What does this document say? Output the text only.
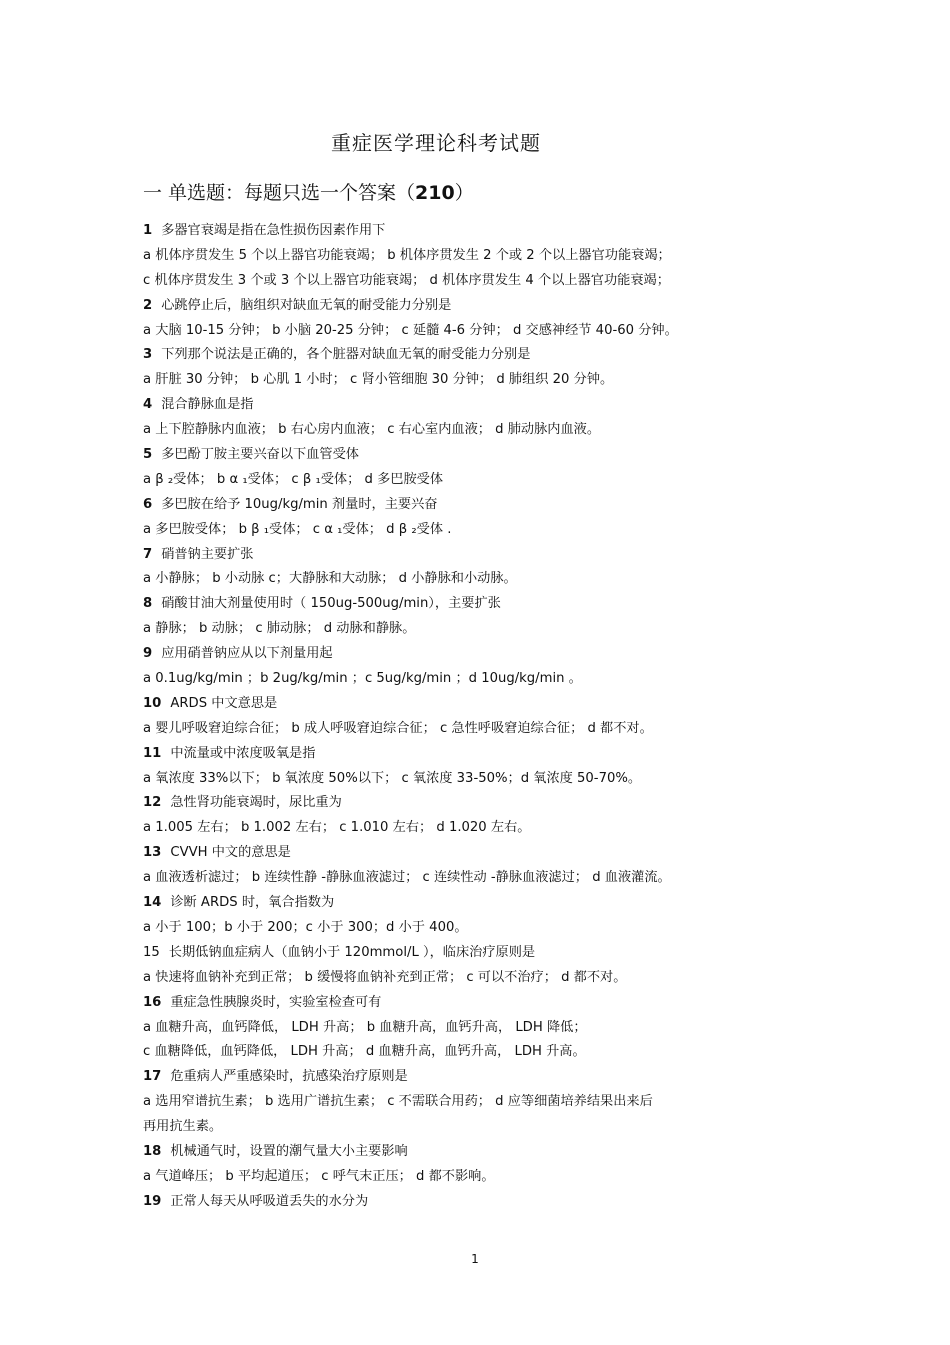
重症医学理论科考试题
一 单选题：每题只选一个答案（210）
1 多器官衰竭是指在急性损伤因素作用下
a 机体序贯发生 5 个以上器官功能衰竭； b 机体序贯发生 2 个或 2 个以上器官功能衰竭；
c 机体序贯发生 3 个或 3 个以上器官功能衰竭； d 机体序贯发生 4 个以上器官功能衰竭；
2 心跳停止后，脑组织对缺血无氧的耐受能力分别是
a 大脑 10-15 分钟； b 小脑 20-25 分钟； c 延髓 4-6 分钟； d 交感神经节 40-60 分钟。
3 下列那个说法是正确的，各个脏器对缺血无氧的耐受能力分别是
a 肝脏 30 分钟； b 心肌 1 小时； c 肾小管细胞 30 分钟； d 肺组织 20 分钟。
4 混合静脉血是指
a 上下腔静脉内血液； b 右心房内血液； c 右心室内血液； d 肺动脉内血液。
5 多巴酚丁胺主要兴奋以下血管受体
a β ₂受体； b α ₁受体； c β ₁受体； d 多巴胺受体
6 多巴胺在给予 10ug/kg/min 剂量时，主要兴奋
a 多巴胺受体； b β ₁受体； c α ₁受体； d β ₂受体 .
7 硝普钠主要扩张
a 小静脉； b 小动脉 c；大静脉和大动脉； d 小静脉和小动脉。
8 硝酸甘油大剂量使用时（ 150ug-500ug/min），主要扩张
a 静脉； b 动脉； c 肺动脉； d 动脉和静脉。
9 应用硝普钠应从以下剂量用起
a 0.1ug/kg/min ；b 2ug/kg/min ；c 5ug/kg/min ；d 10ug/kg/min 。
10 ARDS 中文意思是
a 婴儿呼吸窘迫综合征； b 成人呼吸窘迫综合征； c 急性呼吸窘迫综合征； d 都不对。
11 中流量或中浓度吸氧是指
a 氧浓度 33%以下； b 氧浓度 50%以下； c 氧浓度 33-50%；d 氧浓度 50-70%。
12 急性肾功能衰竭时，尿比重为
a 1.005 左右； b 1.002 左右； c 1.010 左右； d 1.020 左右。
13 CVVH 中文的意思是
a 血液透析滤过； b 连续性静 -静脉血液滤过； c 连续性动 -静脉血液滤过； d 血液灌流。
14 诊断 ARDS 时，氧合指数为
a 小于 100；b 小于 200；c 小于 300；d 小于 400。
15 长期低钠血症病人（血钠小于 120mmol/L ），临床治疗原则是
a 快速将血钠补充到正常； b 缓慢将血钠补充到正常； c 可以不治疗； d 都不对。
16 重症急性胰腺炎时，实验室检查可有
a 血糖升高，血钙降低， LDH 升高； b 血糖升高，血钙升高， LDH 降低；
c 血糖降低，血钙降低， LDH 升高； d 血糖升高，血钙升高， LDH 升高。
17 危重病人严重感染时，抗感染治疗原则是
a 选用窄谱抗生素； b 选用广谱抗生素； c 不需联合用药； d 应等细菌培养结果出来后
再用抗生素。
18 机械通气时，设置的潮气量大小主要影响
a 气道峰压； b 平均起道压； c 呼气末正压； d 都不影响。
19 正常人每天从呼吸道丢失的水分为
1
